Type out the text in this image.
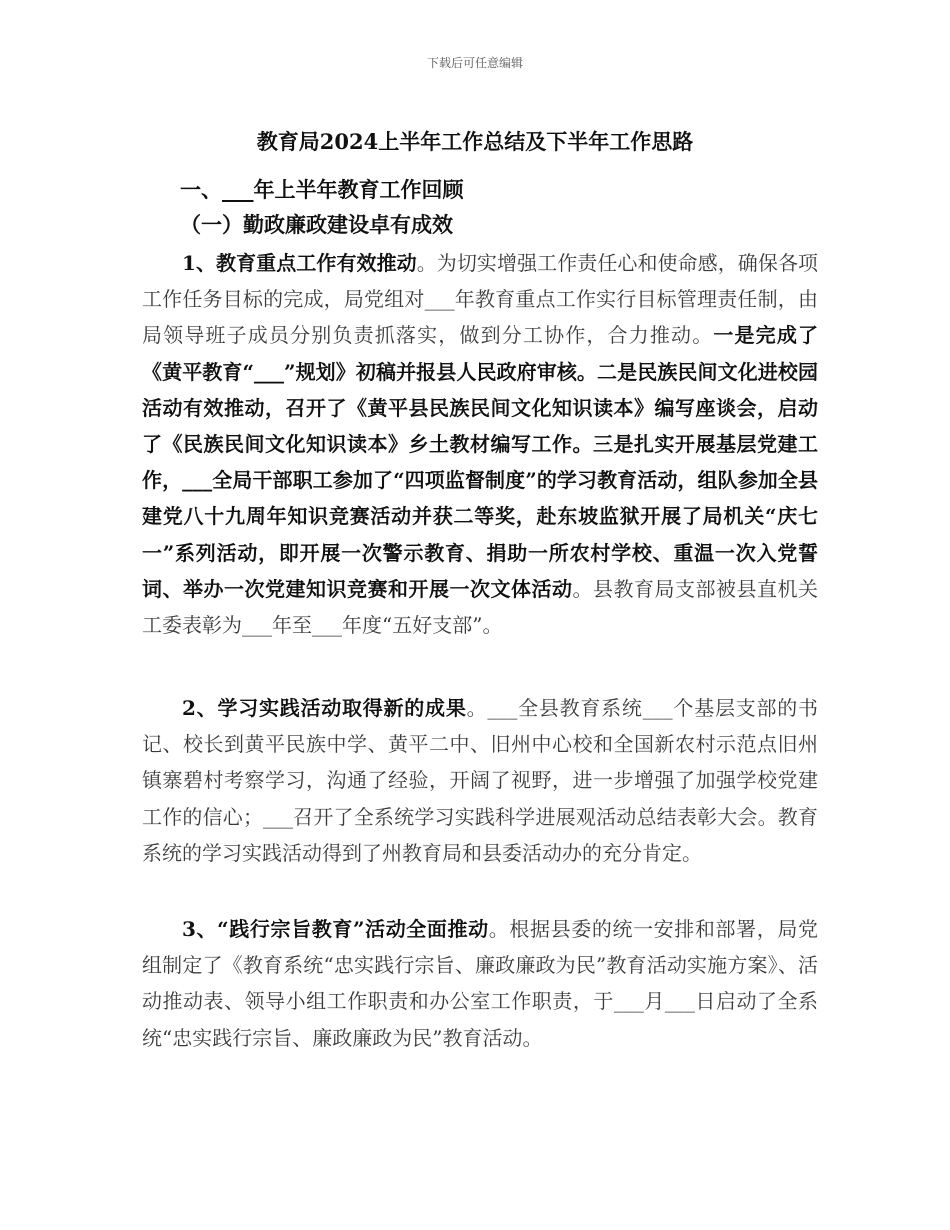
下载后可任意编辑
教育局2024上半年工作总结及下半年工作思路
一、___年上半年教育工作回顾
（一）勤政廉政建设卓有成效
1、教育重点工作有效推动。为切实增强工作责任心和使命感，确保各项工作任务目标的完成，局党组对___年教育重点工作实行目标管理责任制，由局领导班子成员分别负责抓落实，做到分工协作，合力推动。一是完成了《黄平教育“___”规划》初稿并报县人民政府审核。二是民族民间文化进校园活动有效推动，召开了《黄平县民族民间文化知识读本》编写座谈会，启动了《民族民间文化知识读本》乡土教材编写工作。三是扎实开展基层党建工作，___全局干部职工参加了“四项监督制度”的学习教育活动，组队参加全县建党八十九周年知识竞赛活动并获二等奖，赴东坡监狱开展了局机关“庆七一”系列活动，即开展一次警示教育、捐助一所农村学校、重温一次入党誓词、举办一次党建知识竞赛和开展一次文体活动。县教育局支部被县直机关工委表彰为___年至___年度“五好支部”。
2、学习实践活动取得新的成果。___全县教育系统___个基层支部的书记、校长到黄平民族中学、黄平二中、旧州中心校和全国新农村示范点旧州镇寨碧村考察学习，沟通了经验，开阔了视野，进一步增强了加强学校党建工作的信心；___召开了全系统学习实践科学进展观活动总结表彰大会。教育系统的学习实践活动得到了州教育局和县委活动办的充分肯定。
3、“践行宗旨教育”活动全面推动。根据县委的统一安排和部署，局党组制定了《教育系统“忠实践行宗旨、廉政廉政为民”教育活动实施方案》、活动推动表、领导小组工作职责和办公室工作职责，于___月___日启动了全系统“忠实践行宗旨、廉政廉政为民”教育活动。
